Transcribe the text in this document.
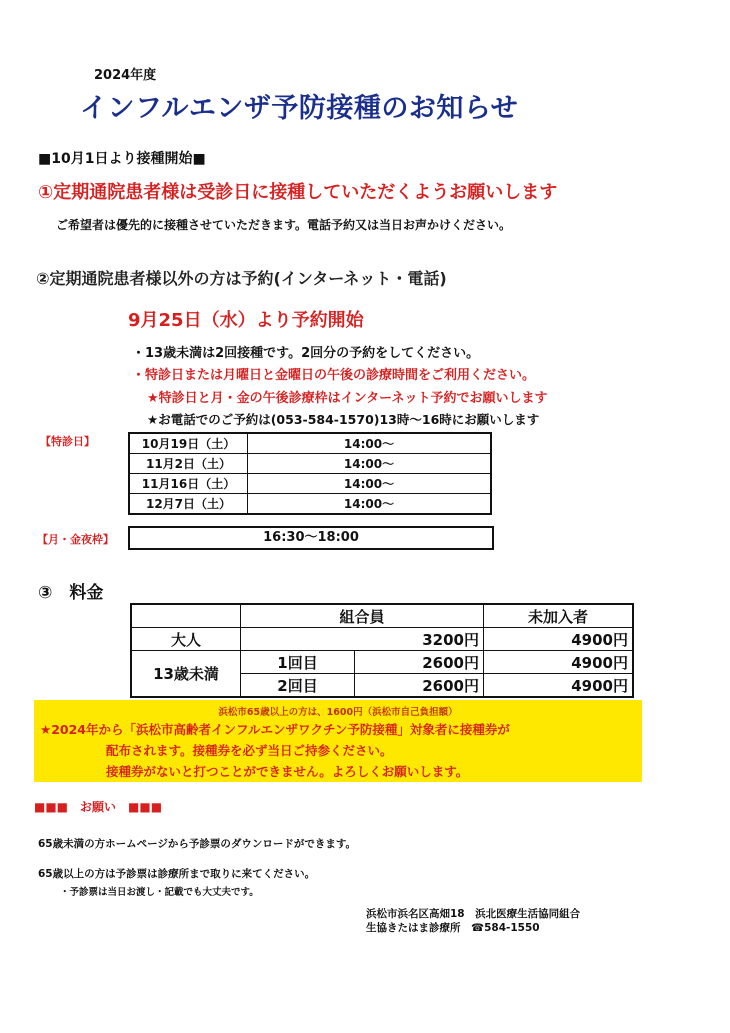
2024年度
インフルエンザ予防接種のお知らせ
■10月1日より接種開始■
①定期通院患者様は受診日に接種していただくようお願いします
ご希望者は優先的に接種させていただきます。電話予約又は当日お声かけください。
②定期通院患者様以外の方は予約(インターネット・電話)
9月25日（水）より予約開始
・13歳未満は2回接種です。2回分の予約をしてください。
・特診日または月曜日と金曜日の午後の診療時間をご利用ください。
★特診日と月・金の午後診療枠はインターネット予約でお願いします
★お電話でのご予約は(053-584-1570)13時～16時にお願いします
【特診日】	10月19日（土）	14:00～
11月2日（土）	14:00～
11月16日（土）	14:00～
12月7日（土）	14:00～
【月・金夜枠】	16:30～18:00
③　料金
	組合員		未加入者
大人	3200円		4900円
13歳未満	1回目	2600円	4900円
	2回目	2600円	4900円
浜松市65歳以上の方は、1600円（浜松市自己負担額）
★2024年から「浜松市高齢者インフルエンザワクチン予防接種」対象者に接種券が
配布されます。接種券を必ず当日ご持参ください。
接種券がないと打つことができません。よろしくお願いします。
■■■　お願い　■■■
65歳未満の方ホームページから予診票のダウンロードができます。
65歳以上の方は予診票は診療所まで取りに来てください。
・予診票は当日お渡し・記載でも大丈夫です。
浜松市浜名区高畑18　浜北医療生活協同組合
生協きたはま診療所　☎584-1550
